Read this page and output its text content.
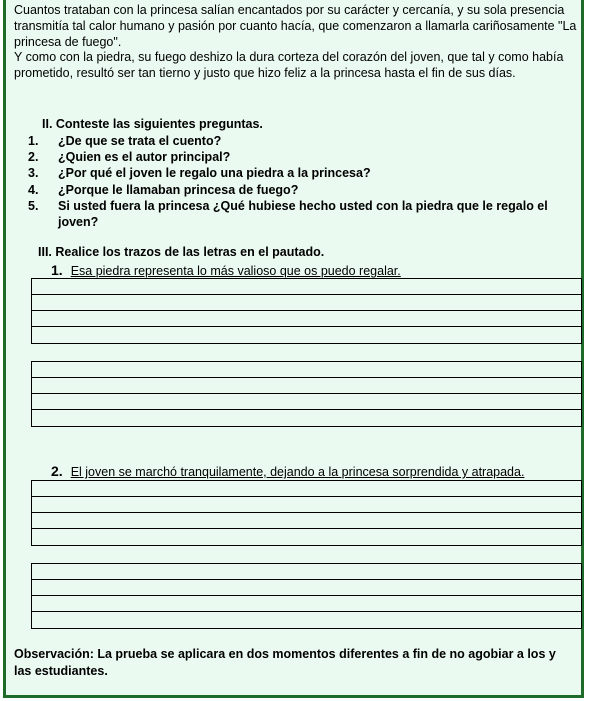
Cuantos trataban con la princesa salían encantados por su carácter y cercanía, y su sola presencia transmitía tal calor humano y pasión por cuanto hacía, que comenzaron a llamarla cariñosamente "La princesa de fuego".

Y como con la piedra, su fuego deshizo la dura corteza del corazón del joven, que tal y como había prometido, resultó ser tan tierno y justo que hizo feliz a la princesa hasta el fin de sus días.

II. Conteste las siguientes preguntas.
1. ¿De que se trata el cuento?
2. ¿Quien es el autor principal?
3. ¿Por qué el joven le regalo una piedra a la princesa?
4. ¿Porque le llamaban princesa de fuego?
5. Si usted fuera la princesa ¿Qué hubiese hecho usted con la piedra que le regalo el joven?
III. Realice los trazos de las letras en el pautado.
1. Esa piedra representa lo más valioso que os puedo regalar.
2. El joven se marchó tranquilamente, dejando a la princesa sorprendida y atrapada.
Observación: La prueba se aplicara en dos momentos diferentes a fin de no agobiar a los y las estudiantes.
